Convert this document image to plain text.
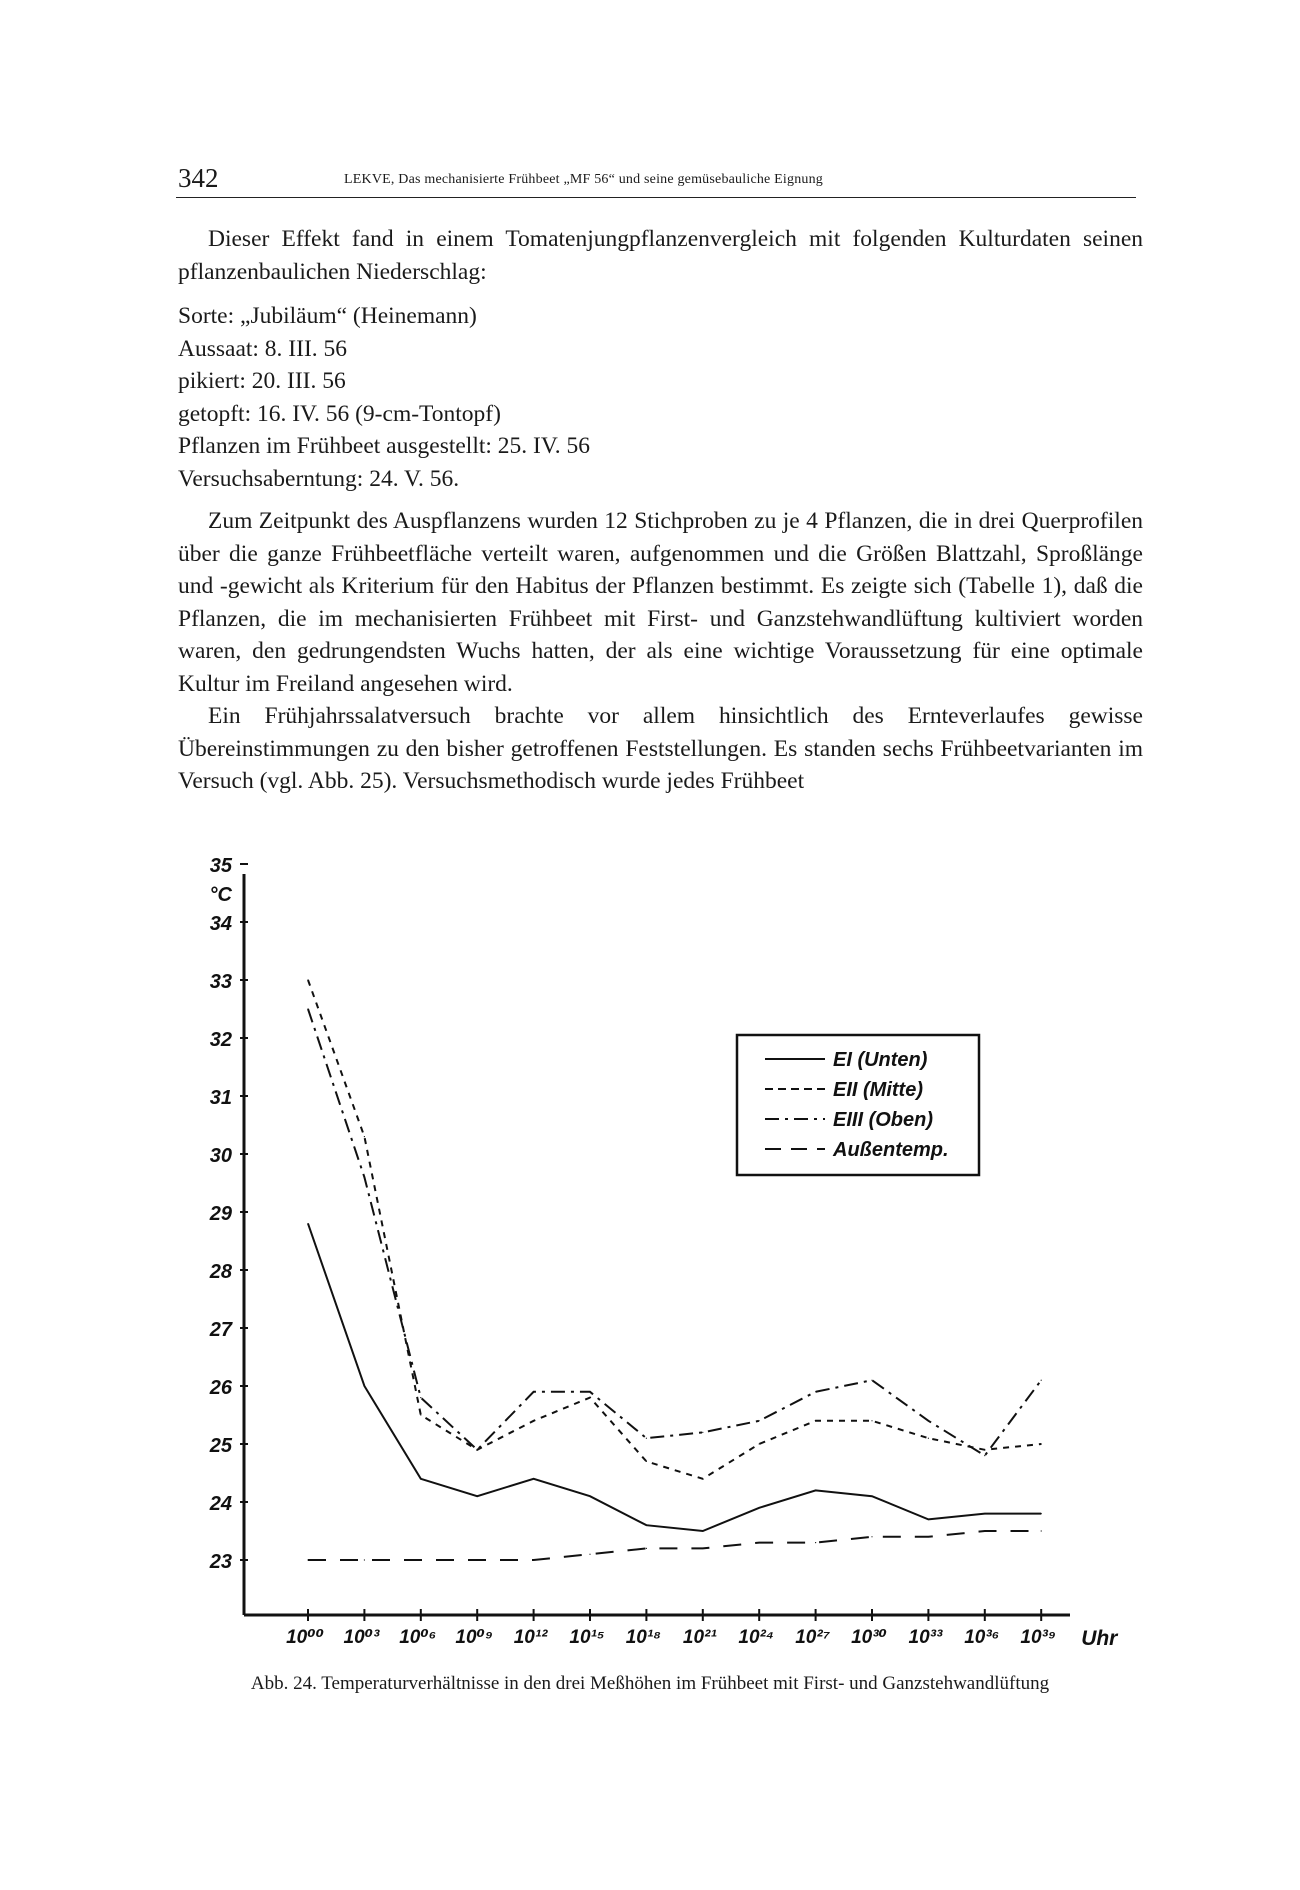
342	LEKVE, Das mechanisierte Frühbeet „MF 56“ und seine gemüsebauliche Eignung

Dieser Effekt fand in einem Tomatenjungpflanzenvergleich mit folgenden Kulturdaten seinen pflanzenbaulichen Niederschlag:

Sorte: „Jubiläum“ (Heinemann)
Aussaat: 8. III. 56
pikiert: 20. III. 56
getopft: 16. IV. 56 (9-cm-Tontopf)
Pflanzen im Frühbeet ausgestellt: 25. IV. 56
Versuchsaberntung: 24. V. 56.

Zum Zeitpunkt des Auspflanzens wurden 12 Stichproben zu je 4 Pflanzen, die in drei Querprofilen über die ganze Frühbeetfläche verteilt waren, aufgenommen und die Größen Blattzahl, Sproßlänge und -gewicht als Kriterium für den Habitus der Pflanzen bestimmt. Es zeigte sich (Tabelle 1), daß die Pflanzen, die im mechanisierten Frühbeet mit First- und Ganzstehwandlüftung kultiviert worden waren, den gedrungendsten Wuchs hatten, der als eine wichtige Voraussetzung für eine optimale Kultur im Freiland angesehen wird.

Ein Frühjahrssalatversuch brachte vor allem hinsichtlich des Ernteverlaufes gewisse Übereinstimmungen zu den bisher getroffenen Feststellungen. Es standen sechs Frühbeetvarianten im Versuch (vgl. Abb. 25). Versuchsmethodisch wurde jedes Frühbeet

23
24
25
26
27
28
29
30
31
32
33
34
35
°C
10⁰⁰ 10⁰³ 10⁰⁶ 10⁰⁹ 10¹² 10¹⁵ 10¹⁸ 10²¹ 10²⁴ 10²⁷ 10³⁰ 10³³ 10³⁶ 10³⁹ Uhr
EI (Unten)
EII (Mitte)
EIII (Oben)
Außentemp.
Abb. 24. Temperaturverhältnisse in den drei Meßhöhen im Frühbeet mit First- und Ganzstehwandlüftung
